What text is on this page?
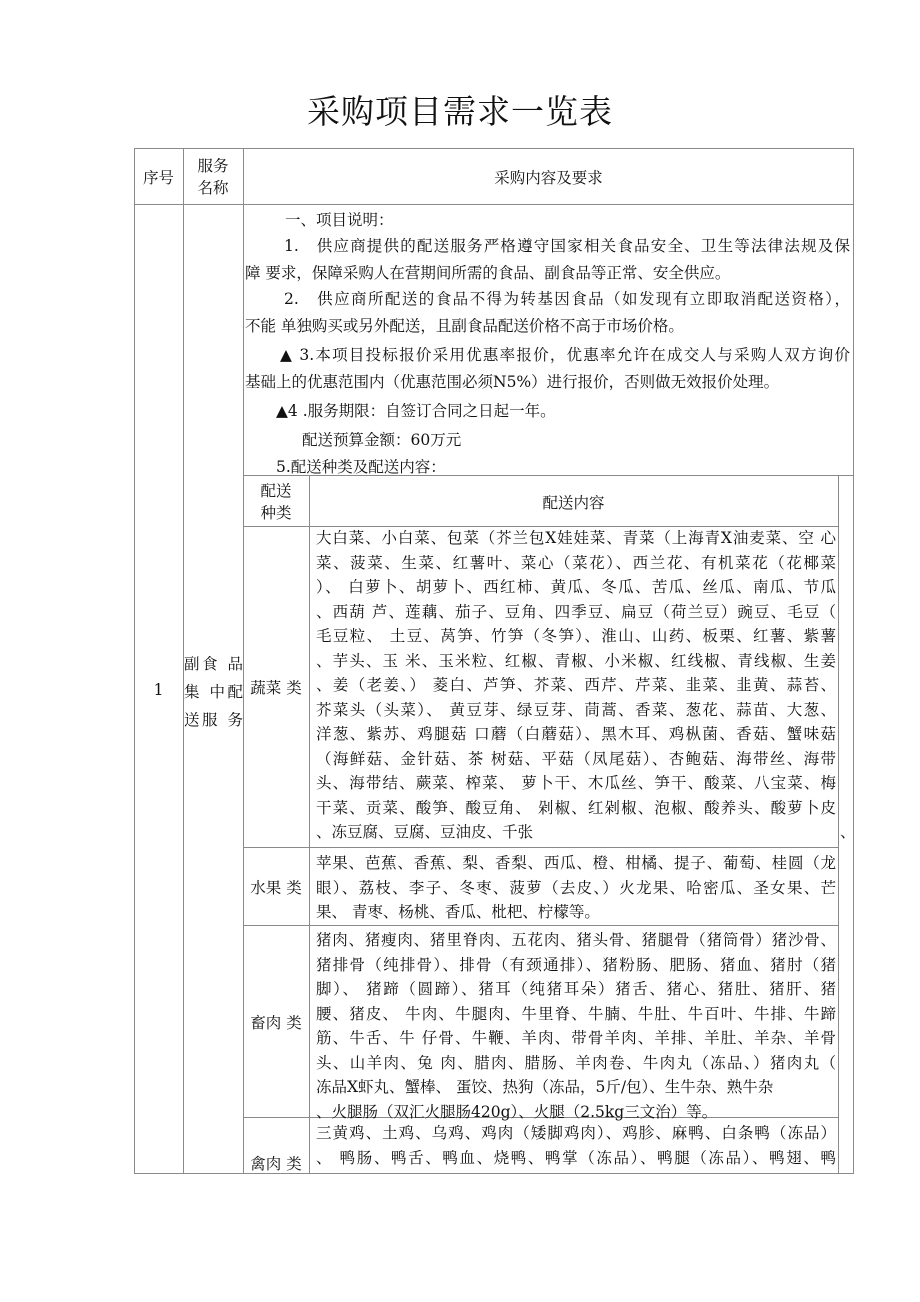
采购项目需求一览表
序号
服务
名称
采购内容及要求
1
副食 品
集 中配
送服 务
一、项目说明：
1.　供应商提供的配送服务严格遵守国家相关食品安全、卫生等法律法规及保
障 要求，保障采购人在营期间所需的食品、副食品等正常、安全供应。
2.　供应商所配送的食品不得为转基因食品（如发现有立即取消配送资格），
不能 单独购买或另外配送，且副食品配送价格不高于市场价格。
▲ 3.本项目投标报价采用优惠率报价，优惠率允许在成交人与采购人双方询价
基础上的优惠范围内（优惠范围必须N5%）进行报价，否则做无效报价处理。
▲4 .服务期限：自签订合同之日起一年。
配送预算金额：60万元
5.配送种类及配送内容：
配送
种类
配送内容
、
蔬菜 类
大白菜、小白菜、包菜（芥兰包X娃娃菜、青菜（上海青X油麦菜、空 心
菜、菠菜、生菜、红薯叶、菜心（菜花）、西兰花、有机菜花（花椰菜
）、 白萝卜、胡萝卜、西红柿、黄瓜、冬瓜、苦瓜、丝瓜、南瓜、节瓜
、西葫 芦、莲藕、茄子、豆角、四季豆、扁豆（荷兰豆）豌豆、毛豆（
毛豆粒、 土豆、莴笋、竹笋（冬笋）、淮山、山药、板栗、红薯、紫薯
、芋头、玉 米、玉米粒、红椒、青椒、小米椒、红线椒、青线椒、生姜
、姜（老姜、） 菱白、芦笋、芥菜、西芹、芹菜、韭菜、韭黄、蒜苔、
芥菜头（头菜）、 黄豆芽、绿豆芽、茼蒿、香菜、葱花、蒜苗、大葱、
洋葱、紫苏、鸡腿菇 口蘑（白蘑菇）、黑木耳、鸡枞菌、香菇、蟹味菇
（海鲜菇、金针菇、茶 树菇、平菇（凤尾菇）、杏鲍菇、海带丝、海带
头、海带结、蕨菜、榨菜、 萝卜干、木瓜丝、笋干、酸菜、八宝菜、梅
干菜、贡菜、酸笋、酸豆角、 剁椒、红剁椒、泡椒、酸养头、酸萝卜皮
、冻豆腐、豆腐、豆油皮、千张
水果 类
苹果、芭蕉、香蕉、梨、香梨、西瓜、橙、柑橘、提子、葡萄、桂圆（龙
眼）、荔枝、李子、冬枣、菠萝（去皮、）火龙果、哈密瓜、圣女果、芒
果、 青枣、杨桃、香瓜、枇杷、柠檬等。
畜肉 类
猪肉、猪瘦肉、猪里脊肉、五花肉、猪头骨、猪腿骨（猪筒骨）猪沙骨、
猪排骨（纯排骨）、排骨（有颈通排）、猪粉肠、肥肠、猪血、猪肘（猪
脚）、 猪蹄（圆蹄）、猪耳（纯猪耳朵）猪舌、猪心、猪肚、猪肝、猪
腰、猪皮、 牛肉、牛腿肉、牛里脊、牛腩、牛肚、牛百叶、牛排、牛蹄
筋、牛舌、牛 仔骨、牛鞭、羊肉、带骨羊肉、羊排、羊肚、羊杂、羊骨
头、山羊肉、兔 肉、腊肉、腊肠、羊肉卷、牛肉丸（冻品、）猪肉丸（
冻品X虾丸、蟹棒、 蛋饺、热狗（冻品，5斤/包）、生牛杂、熟牛杂
、火腿肠（双汇火腿肠420g）、火腿（2.5kg三文治）等。
禽肉 类
三黄鸡、土鸡、乌鸡、鸡肉（矮脚鸡肉）、鸡胗、麻鸭、白条鸭（冻品）
、 鸭肠、鸭舌、鸭血、烧鸭、鸭掌（冻品）、鸭腿（冻品）、鸭翅、鸭
